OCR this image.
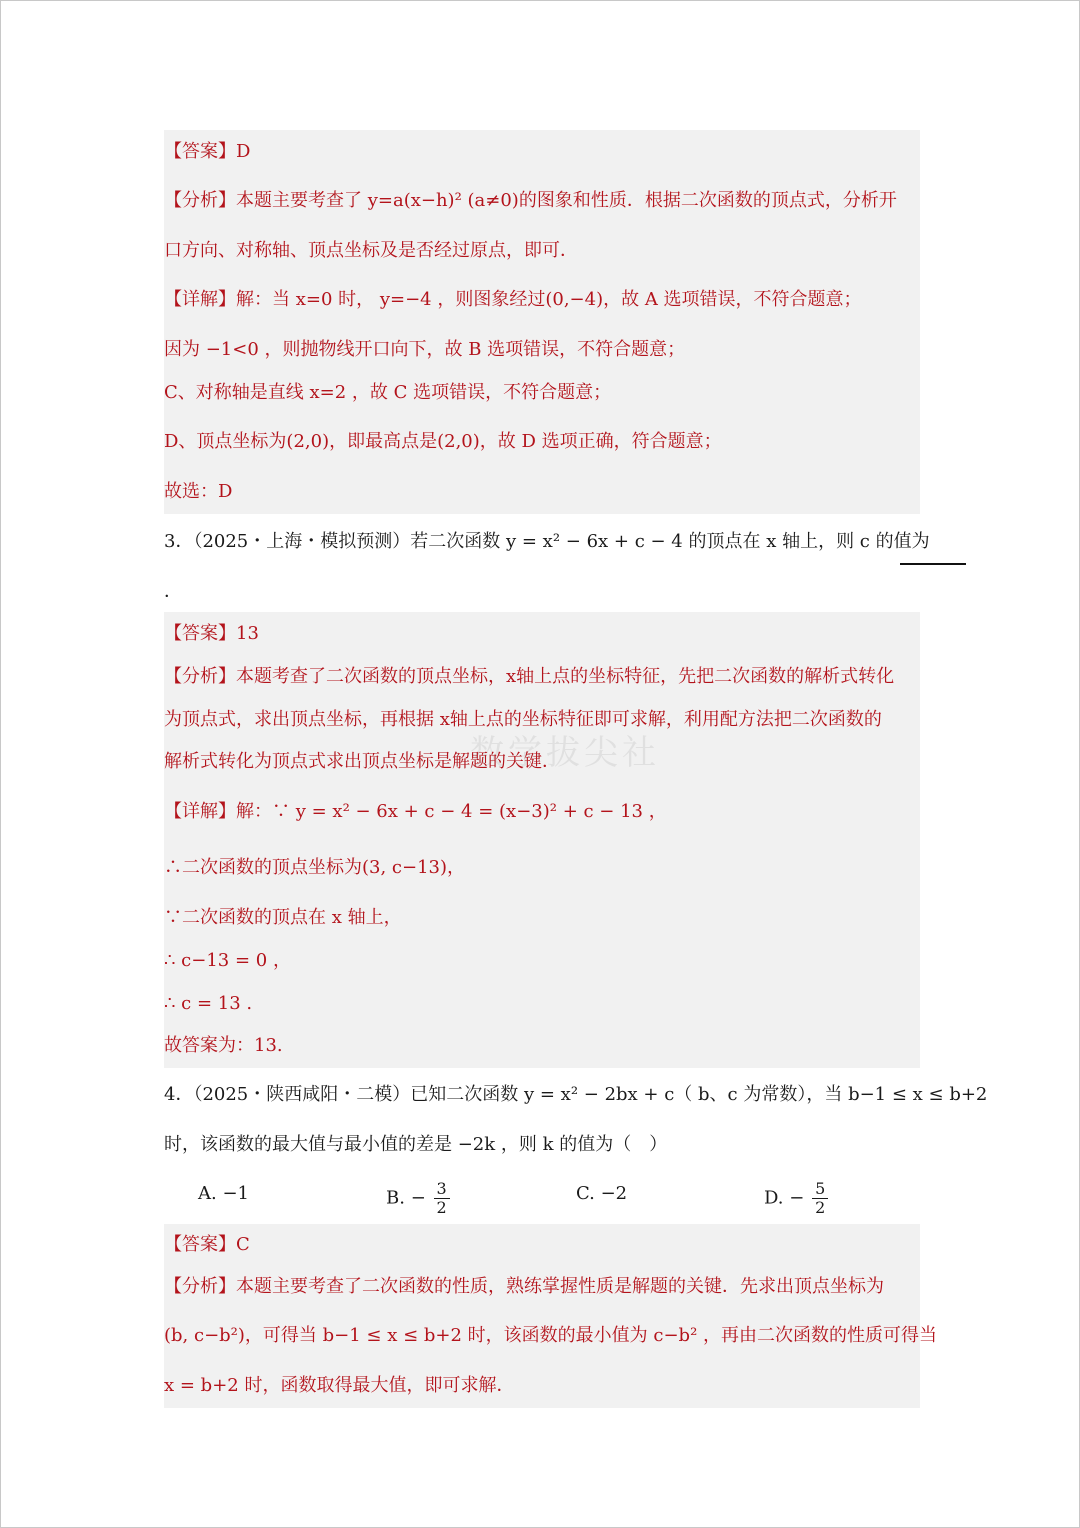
数学拔尖社
【答案】D
【分析】本题主要考查了 y=a(x−h)² (a≠0)的图象和性质．根据二次函数的顶点式，分析开
口方向、对称轴、顶点坐标及是否经过原点，即可．
【详解】解：当 x=0 时， y=−4 ，则图象经过(0,−4)，故 A 选项错误，不符合题意；
因为 −1<0 ，则抛物线开口向下，故 B 选项错误，不符合题意；
C、对称轴是直线 x=2 ，故 C 选项错误，不符合题意；
D、顶点坐标为(2,0)，即最高点是(2,0)，故 D 选项正确，符合题意；
故选：D
3．（2025・上海・模拟预测）若二次函数 y = x² − 6x + c − 4 的顶点在 x 轴上，则 c 的值为
．
【答案】13
【分析】本题考查了二次函数的顶点坐标，x轴上点的坐标特征，先把二次函数的解析式转化
为顶点式，求出顶点坐标，再根据 x轴上点的坐标特征即可求解，利用配方法把二次函数的
解析式转化为顶点式求出顶点坐标是解题的关键．
【详解】解：∵ y = x² − 6x + c − 4 = (x−3)² + c − 13 ，
∴二次函数的顶点坐标为(3, c−13)，
∵二次函数的顶点在 x 轴上，
∴ c−13 = 0 ，
∴ c = 13 .
故答案为：13.
4．（2025・陕西咸阳・二模）已知二次函数 y = x² − 2bx + c（ b、c 为常数），当 b−1 ≤ x ≤ b+2
时，该函数的最大值与最小值的差是 −2k ，则 k 的值为（　）
A. −1	B. − $\frac{3}{2}$	C. −2	D. − $\frac{5}{2}$
【答案】C
【分析】本题主要考查了二次函数的性质，熟练掌握性质是解题的关键．先求出顶点坐标为
(b, c−b²)，可得当 b−1 ≤ x ≤ b+2 时，该函数的最小值为 c−b² ，再由二次函数的性质可得当
x = b+2 时，函数取得最大值，即可求解．
